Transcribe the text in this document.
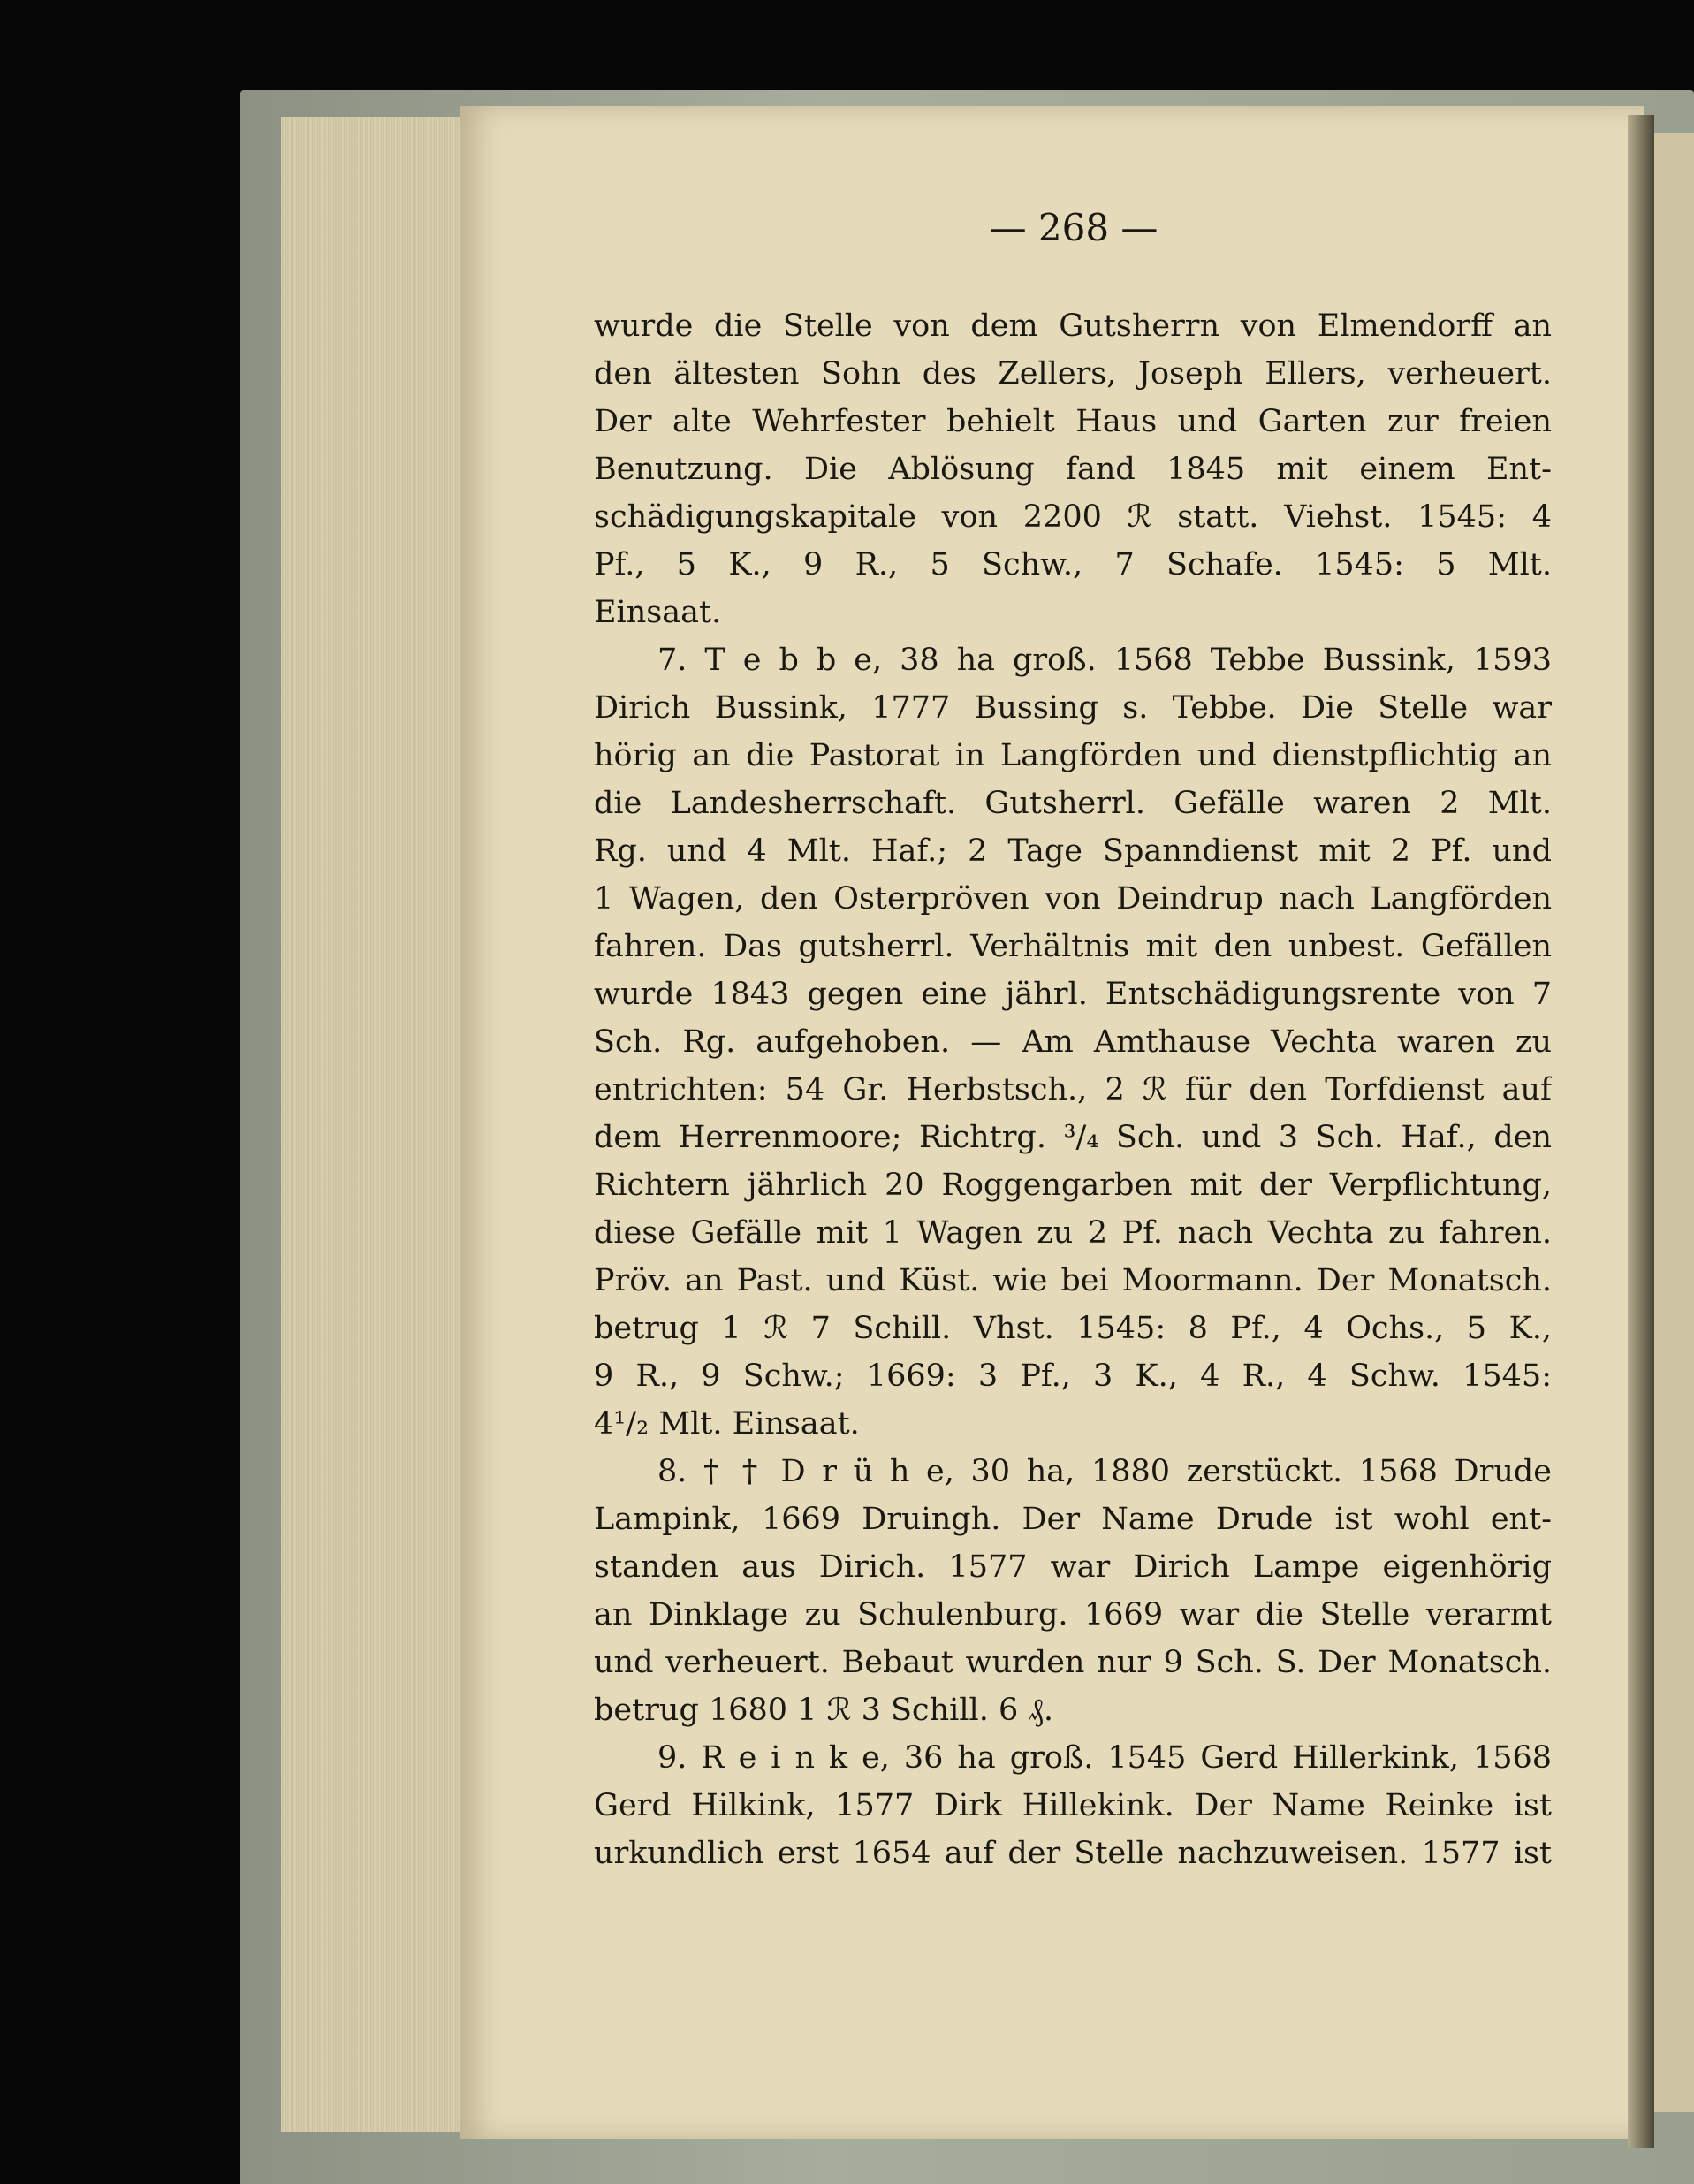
— 268 —
wurde die Stelle von dem Gutsherrn von Elmendorff an
den ältesten Sohn des Zellers, Joseph Ellers, verheuert.
Der alte Wehrfester behielt Haus und Garten zur freien
Benutzung. Die Ablösung fand 1845 mit einem Ent-
schädigungskapitale von 2200 ℛ statt. Viehst. 1545: 4
Pf., 5 K., 9 R., 5 Schw., 7 Schafe. 1545: 5 Mlt.
Einsaat.
7. T e b b e, 38 ha groß. 1568 Tebbe Bussink, 1593
Dirich Bussink, 1777 Bussing s. Tebbe. Die Stelle war
hörig an die Pastorat in Langförden und dienstpflichtig an
die Landesherrschaft. Gutsherrl. Gefälle waren 2 Mlt.
Rg. und 4 Mlt. Haf.; 2 Tage Spanndienst mit 2 Pf. und
1 Wagen, den Osterpröven von Deindrup nach Langförden
fahren. Das gutsherrl. Verhältnis mit den unbest. Gefällen
wurde 1843 gegen eine jährl. Entschädigungsrente von 7
Sch. Rg. aufgehoben. — Am Amthause Vechta waren zu
entrichten: 54 Gr. Herbstsch., 2 ℛ für den Torfdienst auf
dem Herrenmoore; Richtrg. ³/₄ Sch. und 3 Sch. Haf., den
Richtern jährlich 20 Roggengarben mit der Verpflichtung,
diese Gefälle mit 1 Wagen zu 2 Pf. nach Vechta zu fahren.
Pröv. an Past. und Küst. wie bei Moormann. Der Monatsch.
betrug 1 ℛ 7 Schill. Vhst. 1545: 8 Pf., 4 Ochs., 5 K.,
9 R., 9 Schw.; 1669: 3 Pf., 3 K., 4 R., 4 Schw. 1545:
4¹/₂ Mlt. Einsaat.
8. † † D r ü h e, 30 ha, 1880 zerstückt. 1568 Drude
Lampink, 1669 Druingh. Der Name Drude ist wohl ent-
standen aus Dirich. 1577 war Dirich Lampe eigenhörig
an Dinklage zu Schulenburg. 1669 war die Stelle verarmt
und verheuert. Bebaut wurden nur 9 Sch. S. Der Monatsch.
betrug 1680 1 ℛ 3 Schill. 6 ₰.
9. R e i n k e, 36 ha groß. 1545 Gerd Hillerkink, 1568
Gerd Hilkink, 1577 Dirk Hillekink. Der Name Reinke ist
urkundlich erst 1654 auf der Stelle nachzuweisen. 1577 ist
